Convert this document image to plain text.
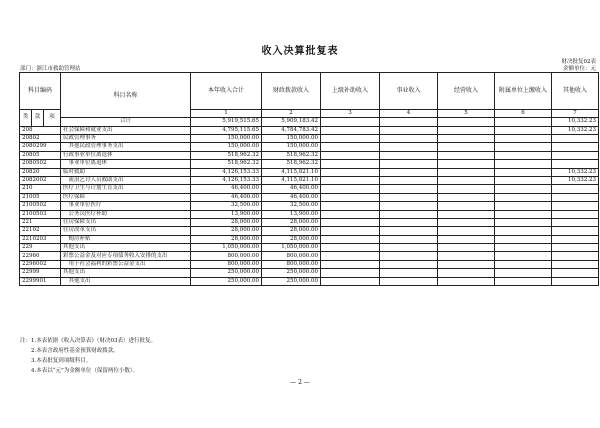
收入决算批复表
财决批复02表
金额单位：元
部门：浙江市救助管理站
科目编码			科目名称	本年收入合计	财政拨款收入	上级补助收入	事业收入	经营收入	附属单位上缴收入	其他收入
类	款	项		1	2	3	4	5	6	7
			合计	5,919,515.65	5,909,183.42					10,332.23
208			社会保障和就业支出	4,795,115.65	4,784,783.42					10,332.23
20802			民政管理事务	150,000.00	150,000.00					
2080299			　其他民政管理事务支出	150,000.00	150,000.00					
20805			行政事业单位离退休	518,962.32	518,962.32					
2080502			　事业单位离退休	518,962.32	518,962.32					
20820			临时救助	4,126,153.33	4,115,821.10					10,332.23
2082002			　流浪乞讨人员救助支出	4,126,153.33	4,115,821.10					10,332.23
210			医疗卫生与计划生育支出	46,400.00	46,400.00					
21005			医疗保障	46,400.00	46,400.00					
2100502			　事业单位医疗	32,500.00	32,500.00					
2100503			　公务员医疗补助	13,900.00	13,900.00					
221			住房保障支出	28,000.00	28,000.00					
22102			住房改革支出	28,000.00	28,000.00					
2210203			　购房补贴	28,000.00	28,000.00					
229			其他支出	1,050,000.00	1,050,000.00					
22960			彩票公益金及对应专项债务收入安排的支出	800,000.00	800,000.00					
2296002			　用于社会福利的彩票公益金支出	800,000.00	800,000.00					
22999			其他支出	250,000.00	250,000.00					
2299901			　其他支出	250,000.00	250,000.00					
注：1.本表依据《收入决算表》（财决03表）进行批复。
　　2.本表含政府性基金预算财政拨款。
　　3.本表批复到项级科目。
　　4.本表以“元”为金额单位（保留两位小数）。
— 2 —
